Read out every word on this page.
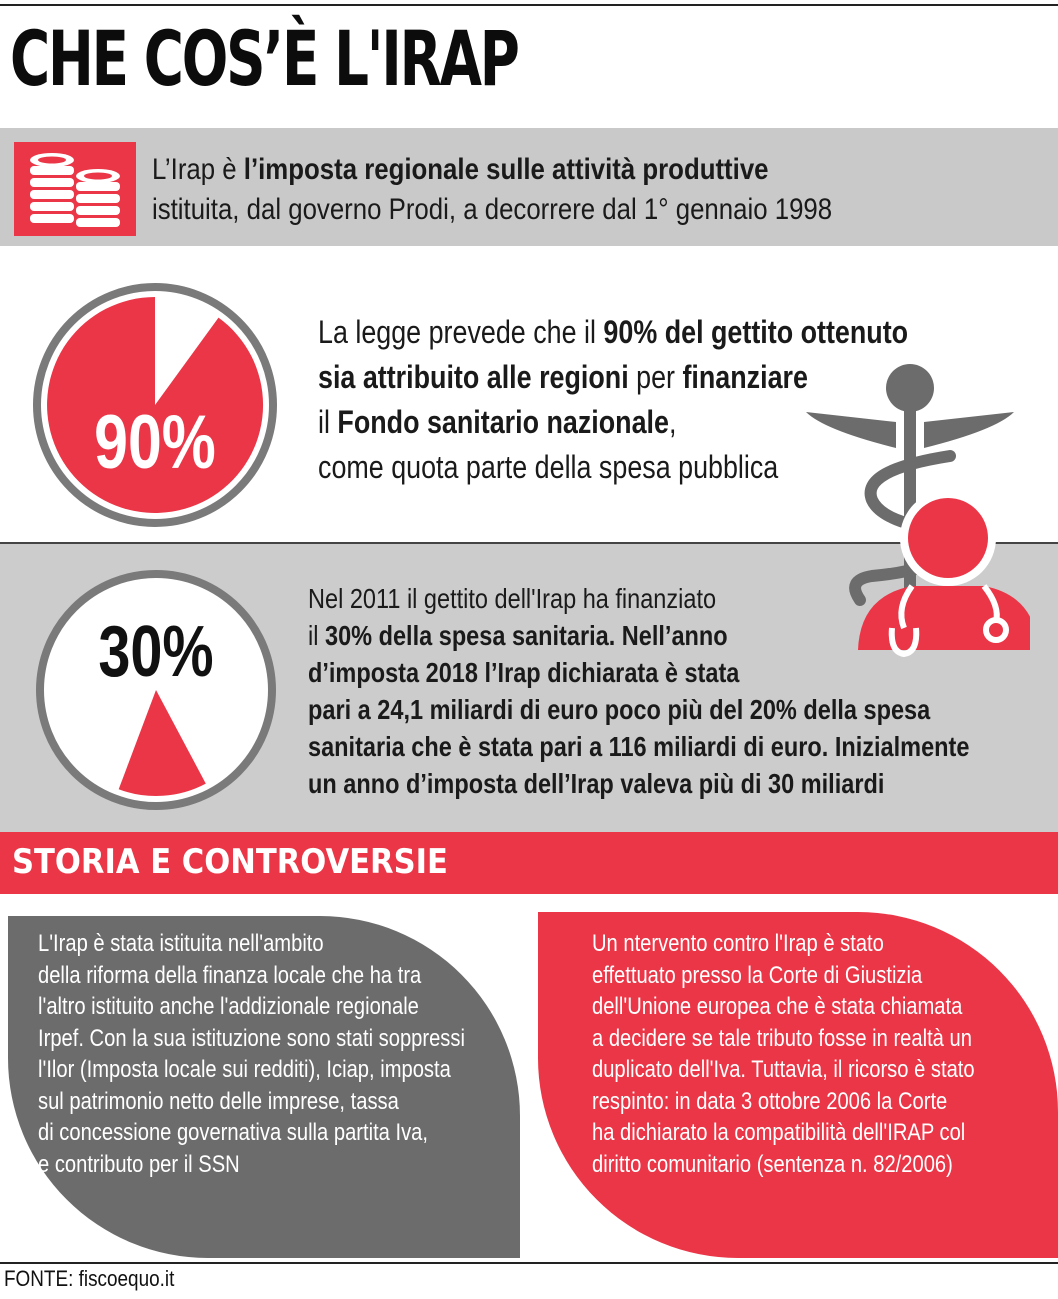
CHE COS’È L'IRAP
L’Irap è l’imposta regionale sulle attività produttive
istituita, dal governo Prodi, a decorrere dal 1° gennaio 1998
90%
La legge prevede che il 90% del gettito ottenuto
sia attribuito alle regioni per finanziare
il Fondo sanitario nazionale,
come quota parte della spesa pubblica
30%
Nel 2011 il gettito dell'Irap ha finanziato
il 30% della spesa sanitaria. Nell’anno
d’imposta 2018 l’Irap dichiarata è stata
pari a 24,1 miliardi di euro poco più del 20% della spesa
sanitaria che è stata pari a 116 miliardi di euro. Inizialmente
un anno d’imposta dell’Irap valeva più di 30 miliardi
STORIA E CONTROVERSIE
L'Irap è stata istituita nell'ambito
della riforma della finanza locale che ha tra
l'altro istituito anche l'addizionale regionale
Irpef. Con la sua istituzione sono stati soppressi
l'Ilor (Imposta locale sui redditi), Iciap, imposta
sul patrimonio netto delle imprese, tassa
di concessione governativa sulla partita Iva,
e contributo per il SSN
Un ntervento contro l'Irap è stato
effettuato presso la Corte di Giustizia
dell'Unione europea che è stata chiamata
a decidere se tale tributo fosse in realtà un
duplicato dell'Iva. Tuttavia, il ricorso è stato
respinto: in data 3 ottobre 2006 la Corte
ha dichiarato la compatibilità dell'IRAP col
diritto comunitario (sentenza n. 82/2006)
FONTE: fiscoequo.it
